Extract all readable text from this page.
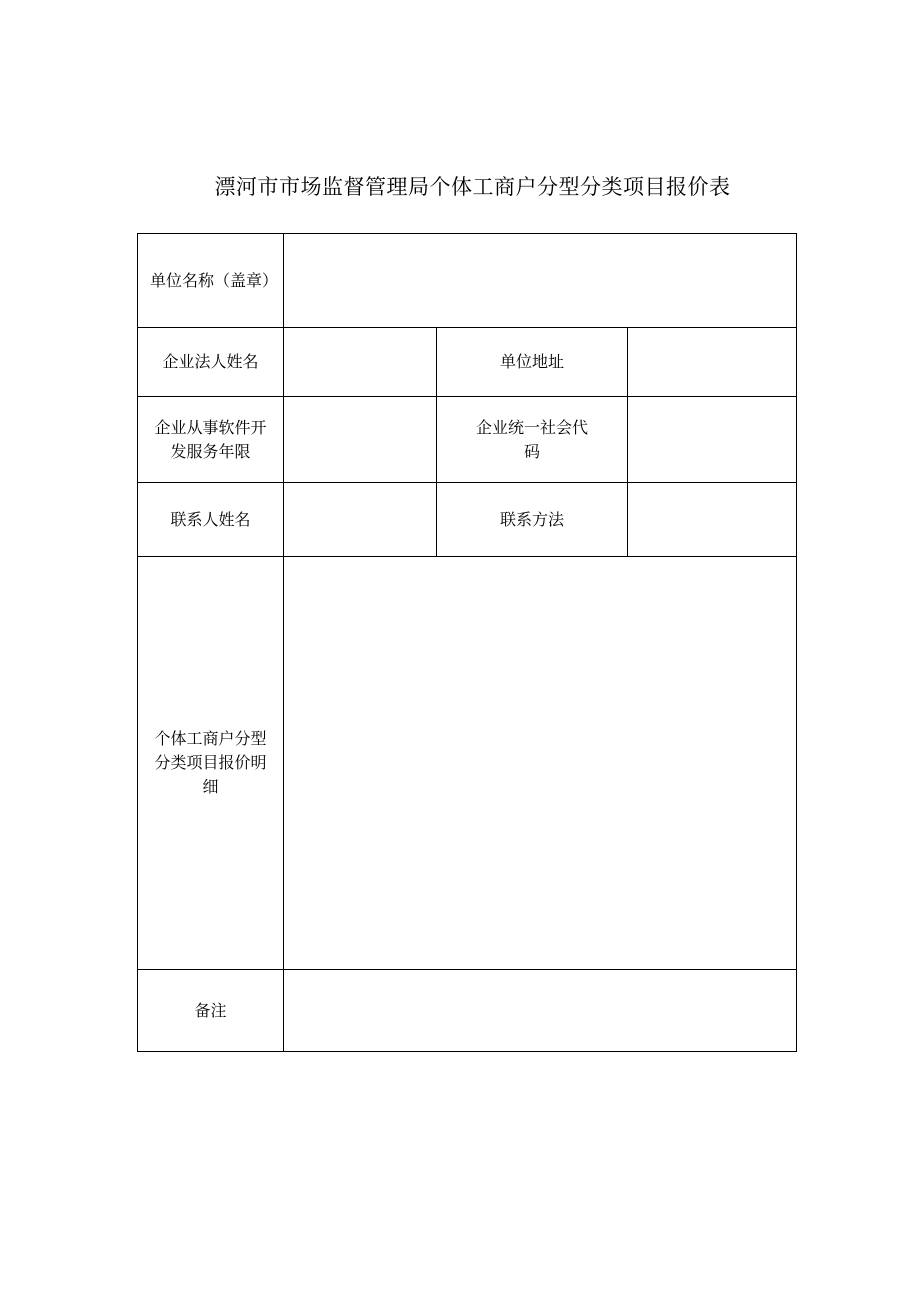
漂河市市场监督管理局个体工商户分型分类项目报价表
单位名称（盖章）			
企业法人姓名		单位地址	
企业从事软件开发服务年限		企业统一社会代码	
联系人姓名		联系方法	
个体工商户分型分类项目报价明细			
备注			
